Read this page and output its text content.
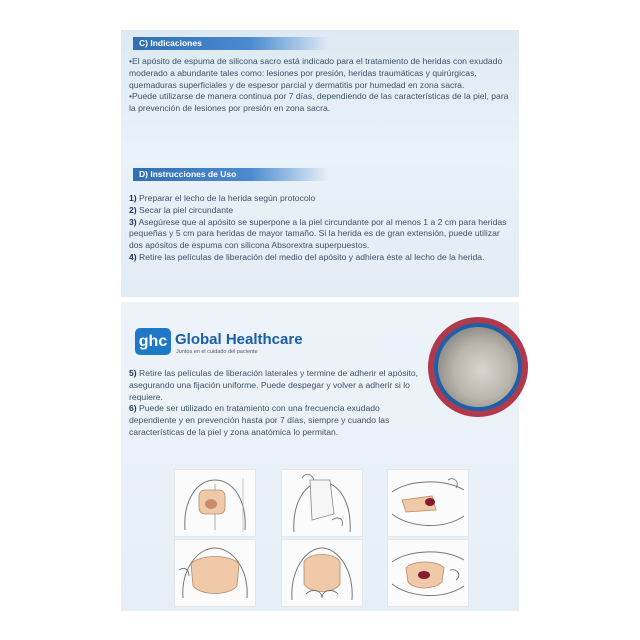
C) Indicaciones

•El apósito de espuma de silicona sacro está indicado para el tratamiento de heridas con exudado moderado a abundante tales como: lesiones por presión, heridas traumáticas y quirúrgicas, quemaduras superficiales y de espesor parcial y dermatitis por humedad en zona sacra.

•Puede utilizarse de manera continua por 7 días, dependiendo de las características de la piel, para la prevención de lesiones por presión en zona sacra.

D) Instrucciones de Uso

1) Preparar el lecho de la herida según protocolo

2) Secar la piel circundante

3) Asegúrese que al apósito se superpone a la piel circundante por al menos 1 a 2 cm para heridas pequeñas y 5 cm para heridas de mayor tamaño. Si la herida es de gran extensión, puede utilizar dos apósitos de espuma con silicona Absorextra superpuestos.

4) Retire las películas de liberación del medio del apósito y adhiera éste al lecho de la herida.

ghc Global Healthcare
Juntos en el cuidado del paciente

5) Retire las películas de liberación laterales y termine de adherir el apósito, asegurando una fijación uniforme. Puede despegar y volver a adherir si lo requiere.

6) Puede ser utilizado en tratamiento con una frecuencia exudado dependiente y en prevención hasta por 7 días, siempre y cuando las características de la piel y zona anatómica lo permitan.
